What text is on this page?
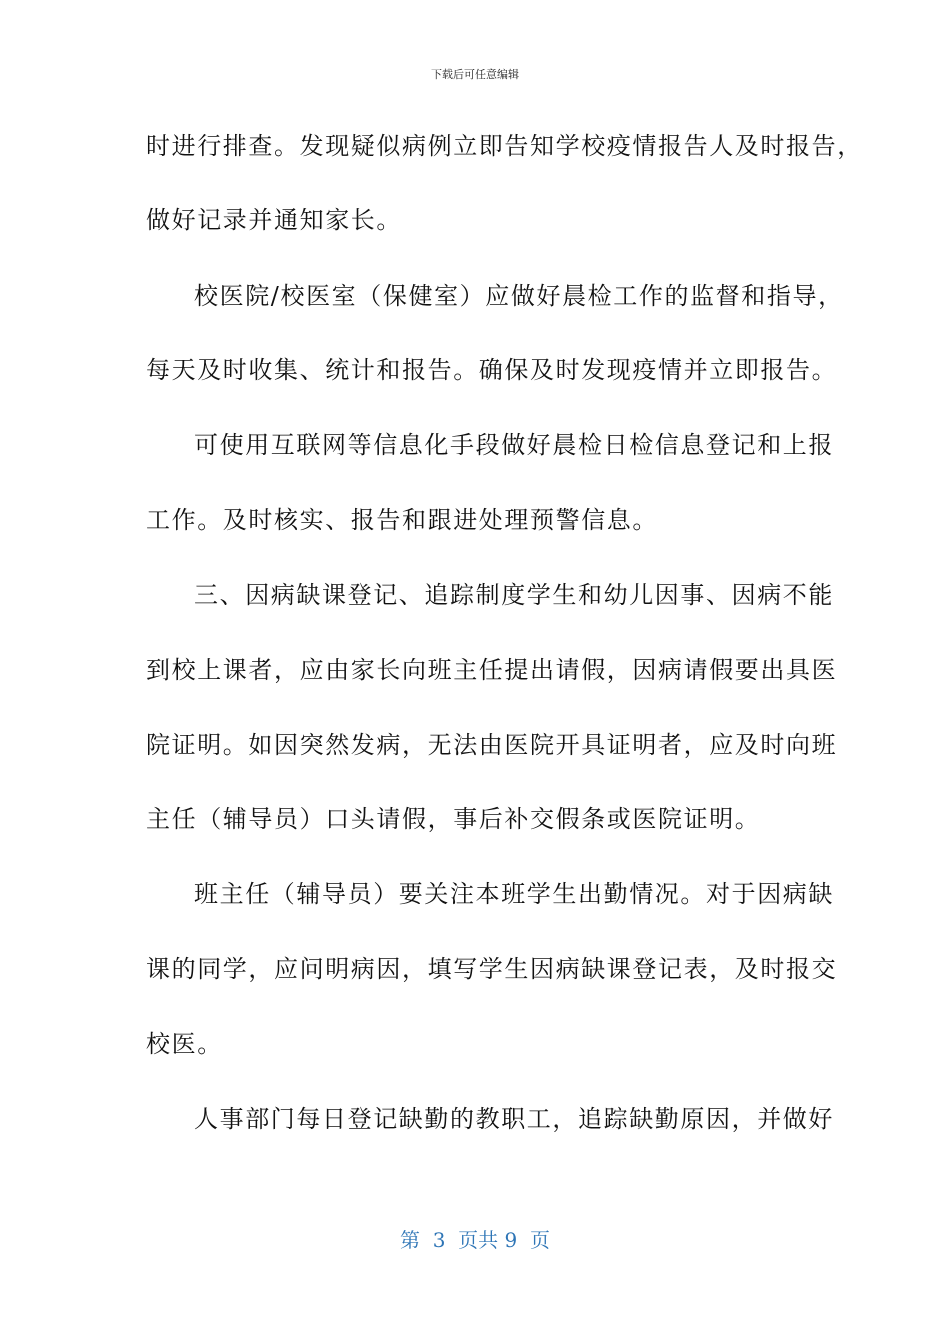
下载后可任意编辑
时进行排查。发现疑似病例立即告知学校疫情报告人及时报告，
做好记录并通知家长。
校医院/校医室（保健室）应做好晨检工作的监督和指导，
每天及时收集、统计和报告。确保及时发现疫情并立即报告。
可使用互联网等信息化手段做好晨检日检信息登记和上报
工作。及时核实、报告和跟进处理预警信息。
三、因病缺课登记、追踪制度学生和幼儿因事、因病不能
到校上课者，应由家长向班主任提出请假，因病请假要出具医
院证明。如因突然发病，无法由医院开具证明者，应及时向班
主任（辅导员）口头请假，事后补交假条或医院证明。
班主任（辅导员）要关注本班学生出勤情况。对于因病缺
课的同学，应问明病因，填写学生因病缺课登记表，及时报交
校医。
人事部门每日登记缺勤的教职工，追踪缺勤原因，并做好
第  3  页共 9  页
